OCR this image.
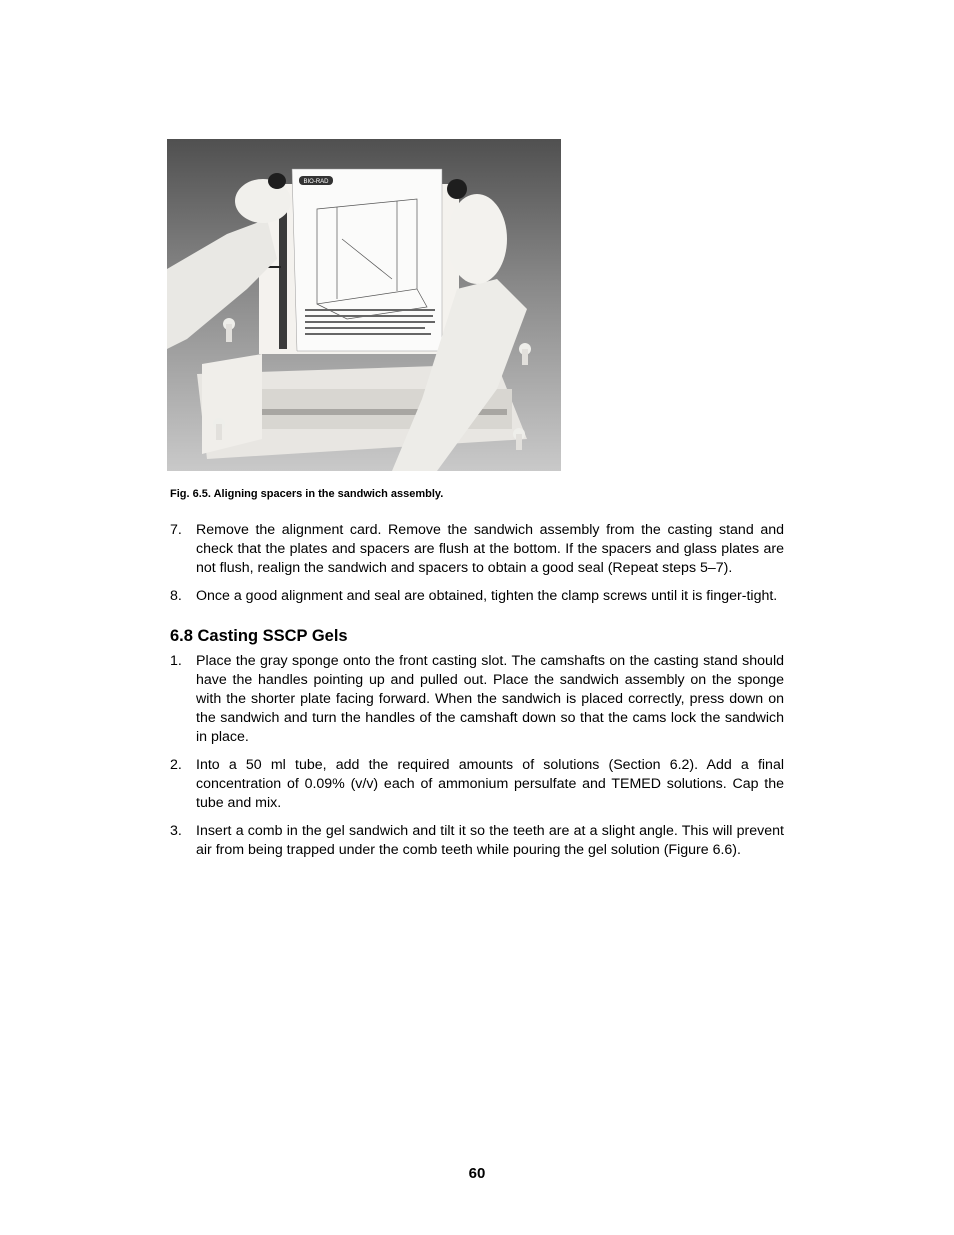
BIO-RAD
Fig. 6.5. Aligning spacers in the sandwich assembly.
7. Remove the alignment card. Remove the sandwich assembly from the casting stand and check that the plates and spacers are flush at the bottom. If the spacers and glass plates are not flush, realign the sandwich and spacers to obtain a good seal (Repeat steps 5–7).
8. Once a good alignment and seal are obtained, tighten the clamp screws until it is finger-tight.
6.8 Casting SSCP Gels
1. Place the gray sponge onto the front casting slot. The camshafts on the casting stand should have the handles pointing up and pulled out. Place the sandwich assembly on the sponge with the shorter plate facing forward. When the sandwich is placed correctly, press down on the sandwich and turn the handles of the camshaft down so that the cams lock the sandwich in place.
2. Into a 50 ml tube, add the required amounts of solutions (Section 6.2). Add a final concentration of 0.09% (v/v) each of ammonium persulfate and TEMED solutions. Cap the tube and mix.
3. Insert a comb in the gel sandwich and tilt it so the teeth are at a slight angle. This will prevent air from being trapped under the comb teeth while pouring the gel solution (Figure 6.6).
60
